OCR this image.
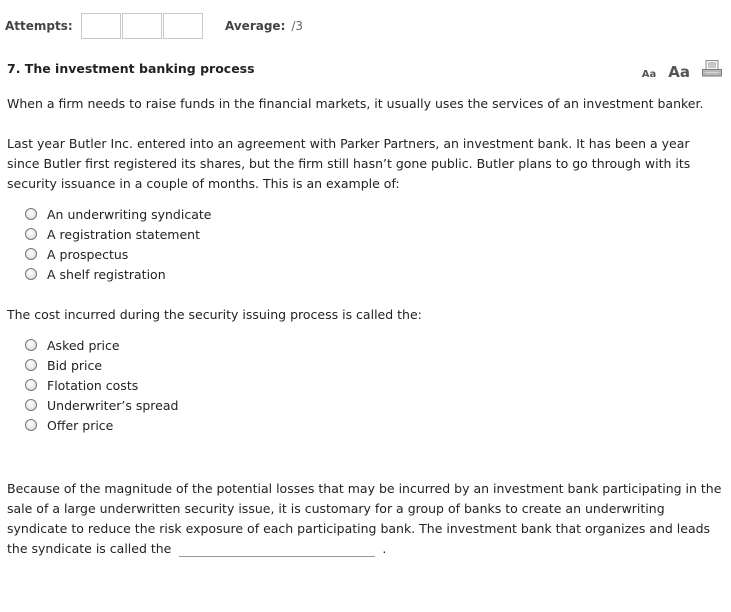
Attempts:	Average: /3
7. The investment banking process	Aa Aa

When a firm needs to raise funds in the financial markets, it usually uses the services of an investment banker.

Last year Butler Inc. entered into an agreement with Parker Partners, an investment bank. It has been a year since Butler first registered its shares, but the firm still hasn’t gone public. Butler plans to go through with its security issuance in a couple of months. This is an example of:

An underwriting syndicate
A registration statement
A prospectus
A shelf registration

The cost incurred during the security issuing process is called the:

Asked price
Bid price
Flotation costs
Underwriter’s spread
Offer price

Because of the magnitude of the potential losses that may be incurred by an investment bank participating in the sale of a large underwritten security issue, it is customary for a group of banks to create an underwriting syndicate to reduce the risk exposure of each participating bank. The investment bank that organizes and leads the syndicate is called the	.
